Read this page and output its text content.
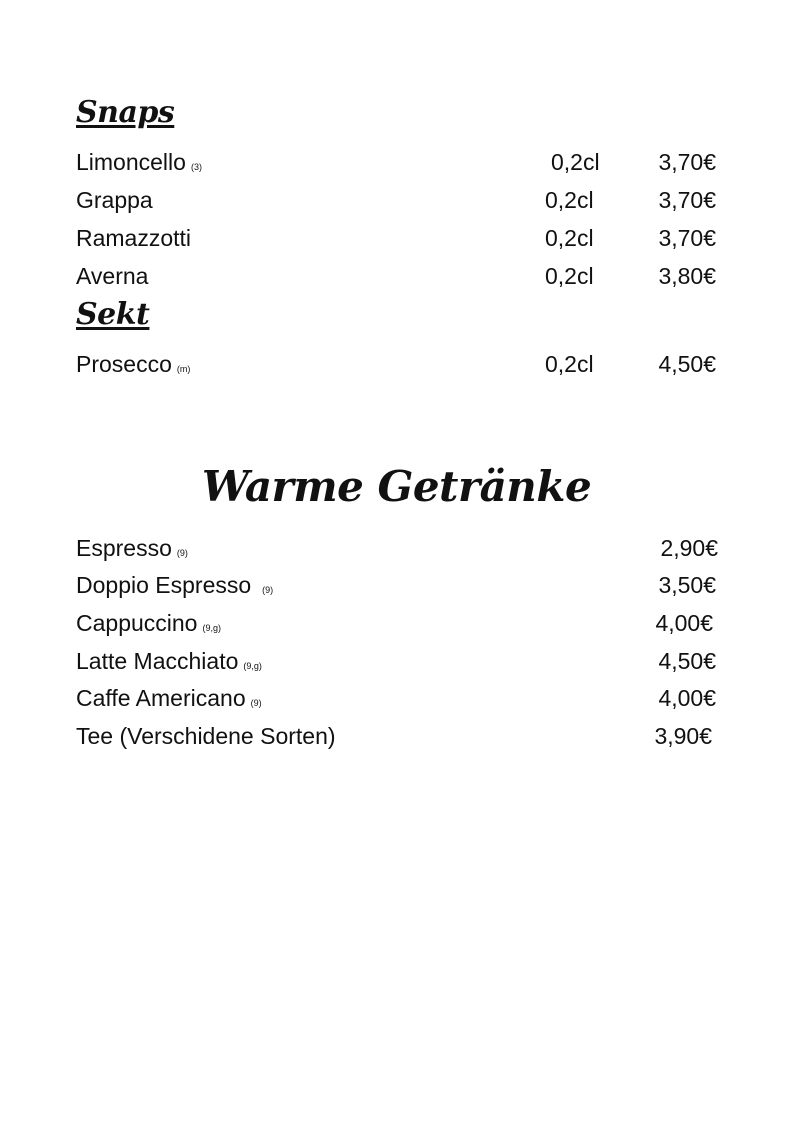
Snaps
Limoncello (3)	0,2cl	3,70€
Grappa	0,2cl	3,70€
Ramazzotti	0,2cl	3,70€
Averna	0,2cl	3,80€
Sekt
Prosecco (m)	0,2cl	4,50€
Warme Getränke
Espresso (9)	2,90€
Doppio Espresso (9)	3,50€
Cappuccino (9,g)	4,00€
Latte Macchiato (9,g)	4,50€
Caffe Americano (9)	4,00€
Tee (Verschidene Sorten)	3,90€
